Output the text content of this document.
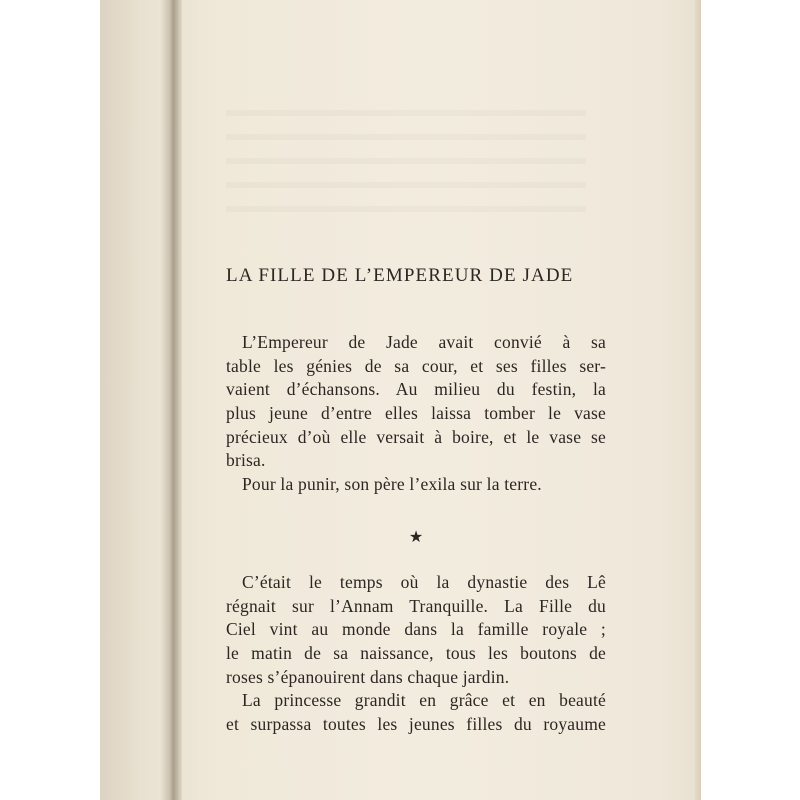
LA FILLE DE L’EMPEREUR DE JADE
L’Empereur de Jade avait convié à sa
table les génies de sa cour, et ses filles ser-
vaient d’échansons. Au milieu du festin, la
plus jeune d’entre elles laissa tomber le vase
précieux d’où elle versait à boire, et le vase se
brisa.
Pour la punir, son père l’exila sur la terre.
★
C’était le temps où la dynastie des Lê
régnait sur l’Annam Tranquille. La Fille du
Ciel vint au monde dans la famille royale ;
le matin de sa naissance, tous les boutons de
roses s’épanouirent dans chaque jardin.
La princesse grandit en grâce et en beauté
et surpassa toutes les jeunes filles du royaume
